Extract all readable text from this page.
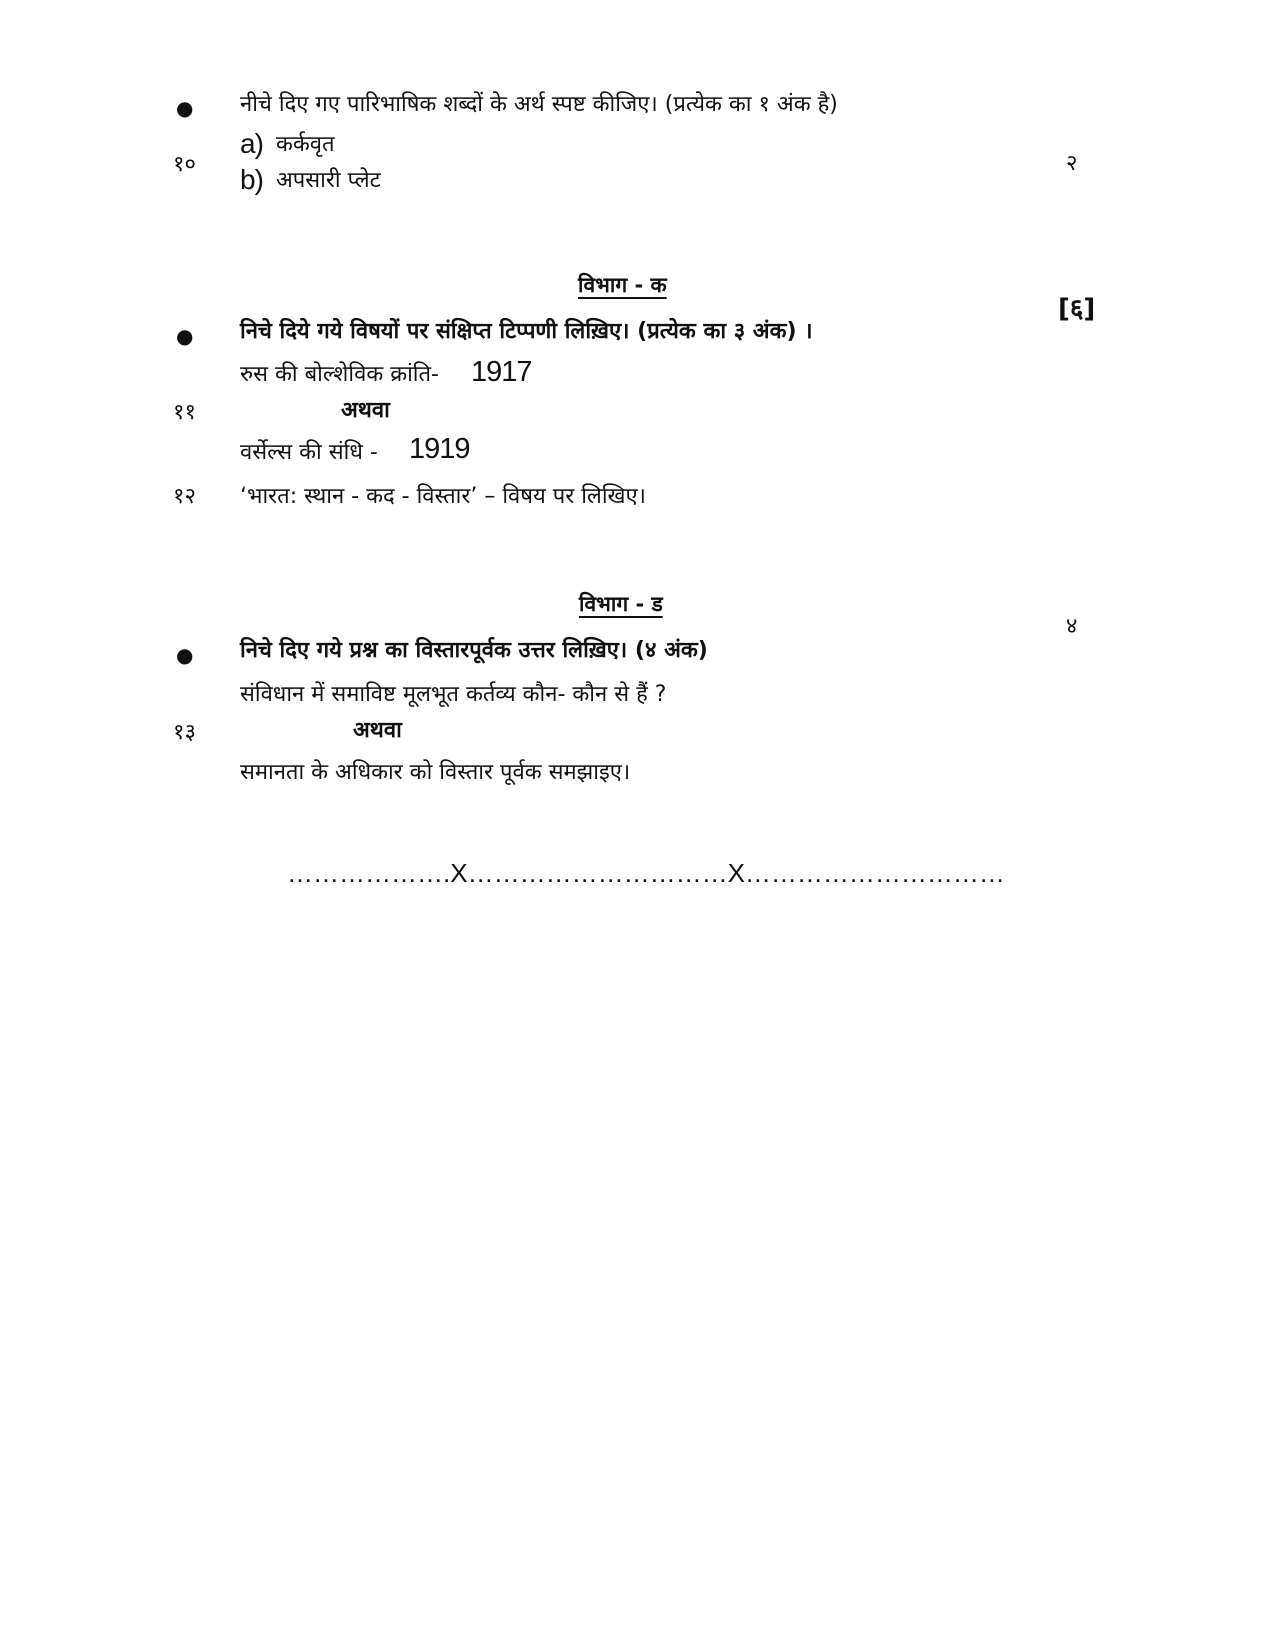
● नीचे दिए गए पारिभाषिक शब्दों के अर्थ स्पष्ट कीजिए। (प्रत्येक का १ अंक है)
१०
a) कर्कवृत
b) अपसारी प्लेट
२
विभाग - क
[६]
● निचे दिये गये विषयों पर संक्षिप्त टिप्पणी लिख़िए। (प्रत्येक का ३ अंक) ।
रुस की बोल्शेविक क्रांति- 1917
११	अथवा
वर्सेल्स की संधि - 1919
१२ ‘भारत: स्थान - कद - विस्तार’ – विषय पर लिखिए।
विभाग - ड
४
● निचे दिए गये प्रश्न का विस्तारपूर्वक उत्तर लिख़िए। (४ अंक)
संविधान में समाविष्ट मूलभूत कर्तव्य कौन- कौन से हैं ?
१३	अथवा
समानता के अधिकार को विस्तार पूर्वक समझाइए।
……………….X…………………………X…………………………
